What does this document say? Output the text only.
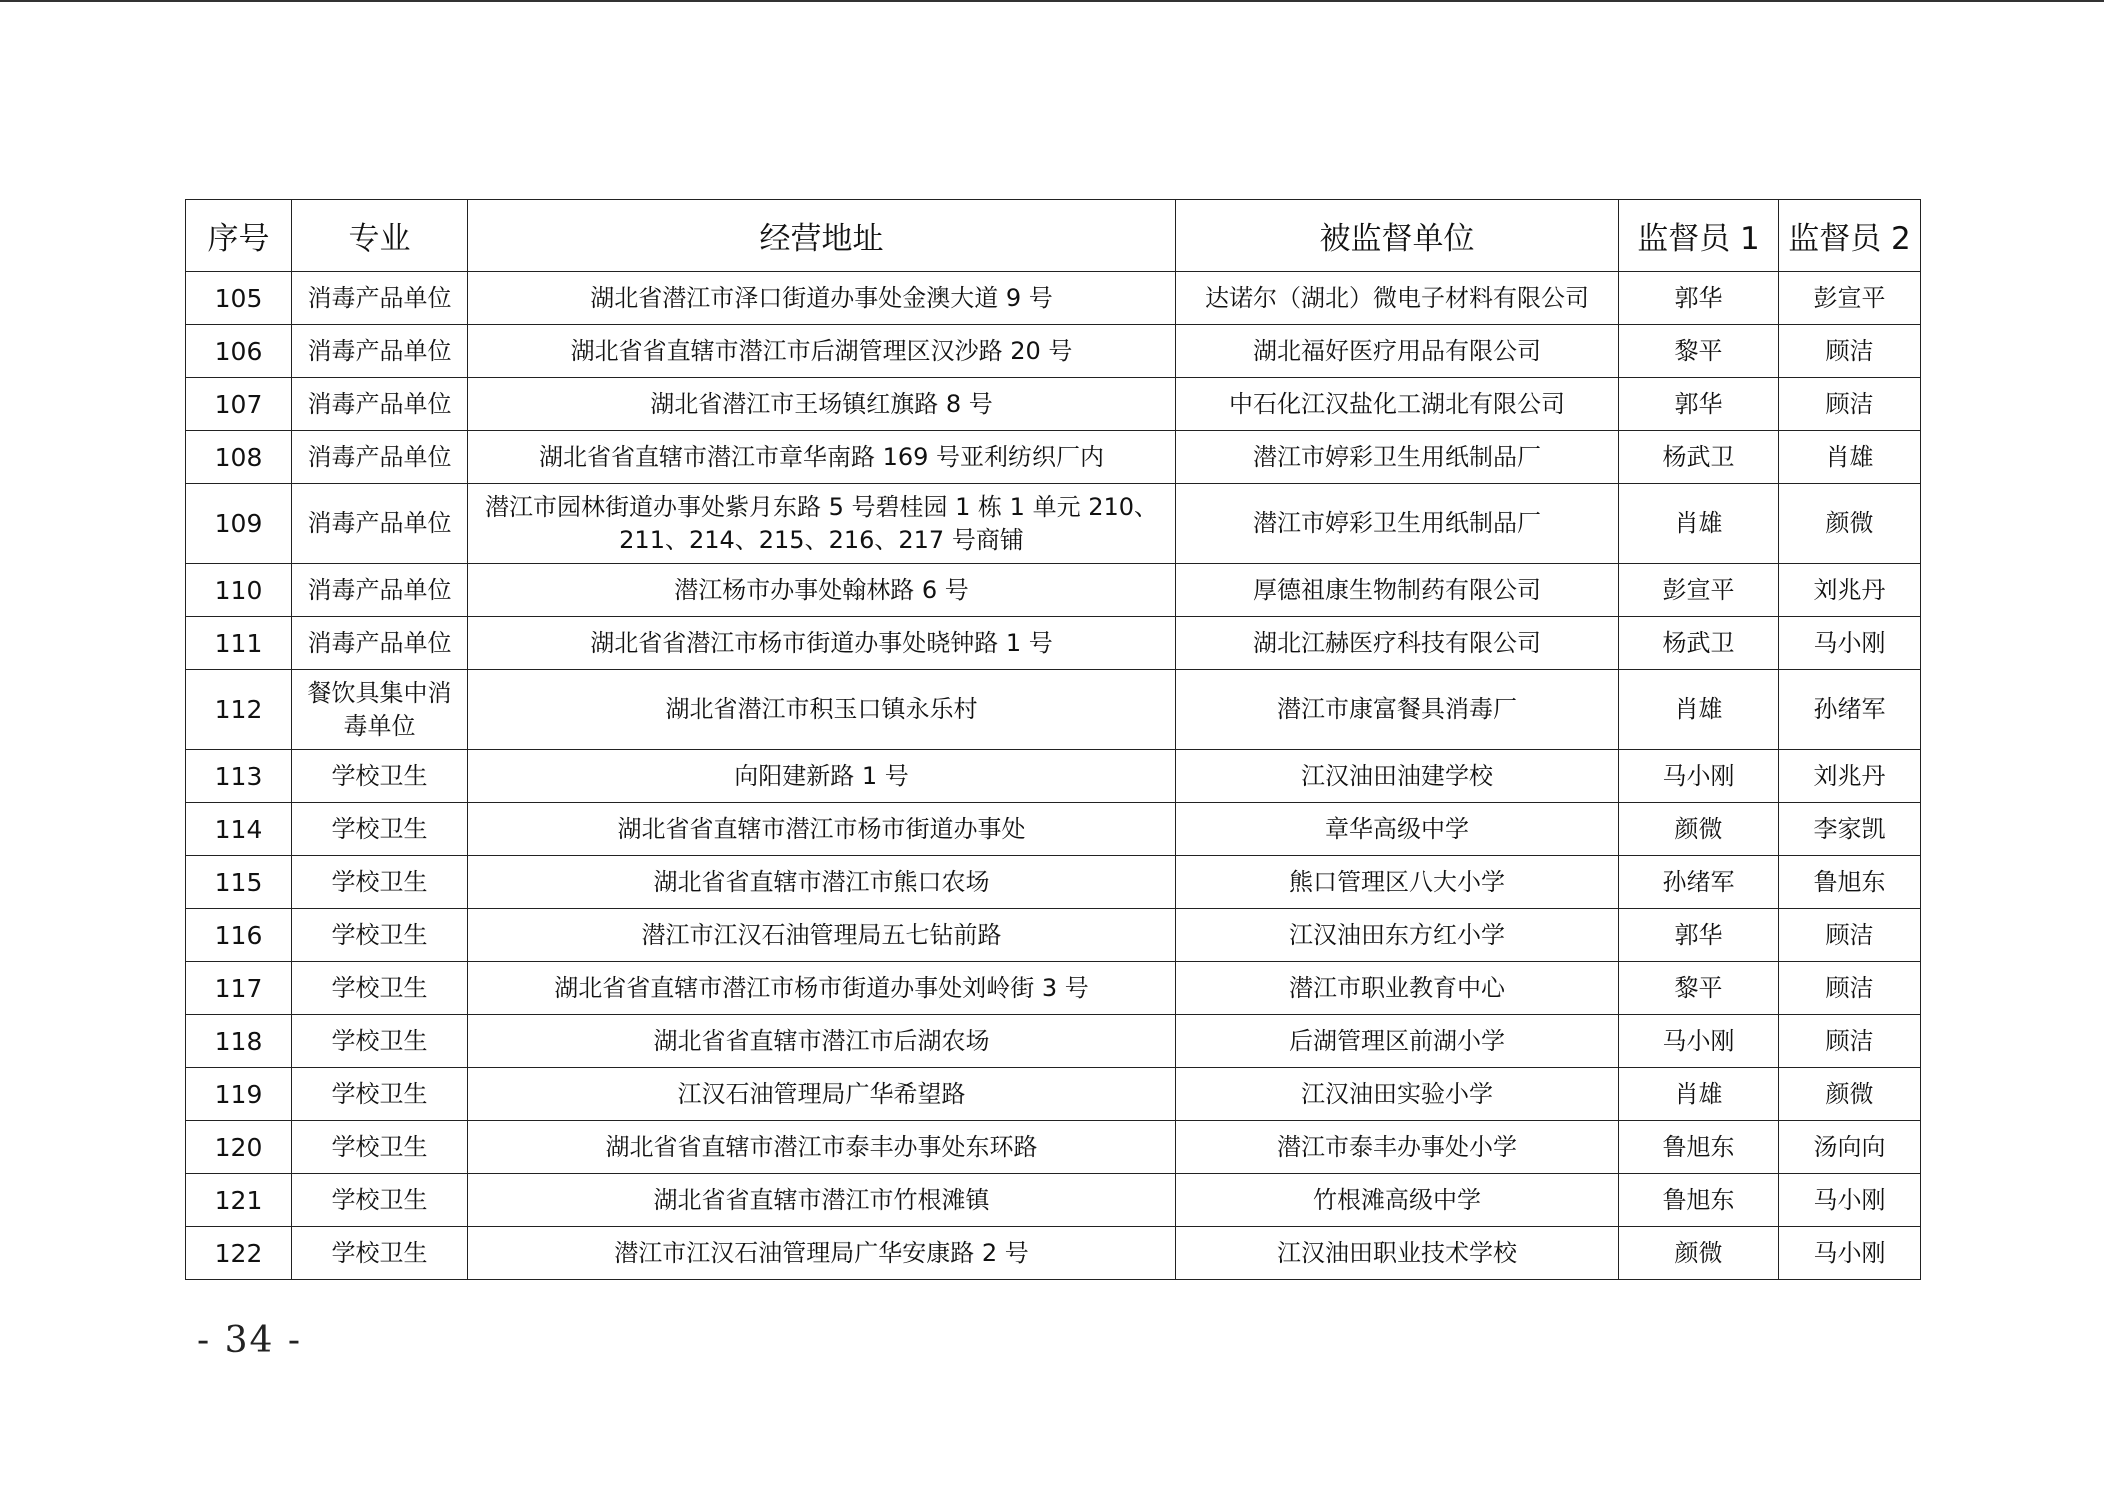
序号	专业	经营地址	被监督单位	监督员 1	监督员 2
105	消毒产品单位	湖北省潜江市泽口街道办事处金澳大道 9 号	达诺尔（湖北）微电子材料有限公司	郭华	彭宣平
106	消毒产品单位	湖北省省直辖市潜江市后湖管理区汉沙路 20 号	湖北福好医疗用品有限公司	黎平	顾洁
107	消毒产品单位	湖北省潜江市王场镇红旗路 8 号	中石化江汉盐化工湖北有限公司	郭华	顾洁
108	消毒产品单位	湖北省省直辖市潜江市章华南路 169 号亚利纺织厂内	潜江市婷彩卫生用纸制品厂	杨武卫	肖雄
109	消毒产品单位	潜江市园林街道办事处紫月东路 5 号碧桂园 1 栋 1 单元 210、211、214、215、216、217 号商铺	潜江市婷彩卫生用纸制品厂	肖雄	颜微
110	消毒产品单位	潜江杨市办事处翰林路 6 号	厚德祖康生物制药有限公司	彭宣平	刘兆丹
111	消毒产品单位	湖北省省潜江市杨市街道办事处晓钟路 1 号	湖北江赫医疗科技有限公司	杨武卫	马小刚
112	餐饮具集中消毒单位	湖北省潜江市积玉口镇永乐村	潜江市康富餐具消毒厂	肖雄	孙绪军
113	学校卫生	向阳建新路 1 号	江汉油田油建学校	马小刚	刘兆丹
114	学校卫生	湖北省省直辖市潜江市杨市街道办事处	章华高级中学	颜微	李家凯
115	学校卫生	湖北省省直辖市潜江市熊口农场	熊口管理区八大小学	孙绪军	鲁旭东
116	学校卫生	潜江市江汉石油管理局五七钻前路	江汉油田东方红小学	郭华	顾洁
117	学校卫生	湖北省省直辖市潜江市杨市街道办事处刘岭街 3 号	潜江市职业教育中心	黎平	顾洁
118	学校卫生	湖北省省直辖市潜江市后湖农场	后湖管理区前湖小学	马小刚	顾洁
119	学校卫生	江汉石油管理局广华希望路	江汉油田实验小学	肖雄	颜微
120	学校卫生	湖北省省直辖市潜江市泰丰办事处东环路	潜江市泰丰办事处小学	鲁旭东	汤向向
121	学校卫生	湖北省省直辖市潜江市竹根滩镇	竹根滩高级中学	鲁旭东	马小刚
122	学校卫生	潜江市江汉石油管理局广华安康路 2 号	江汉油田职业技术学校	颜微	马小刚
- 34 -
